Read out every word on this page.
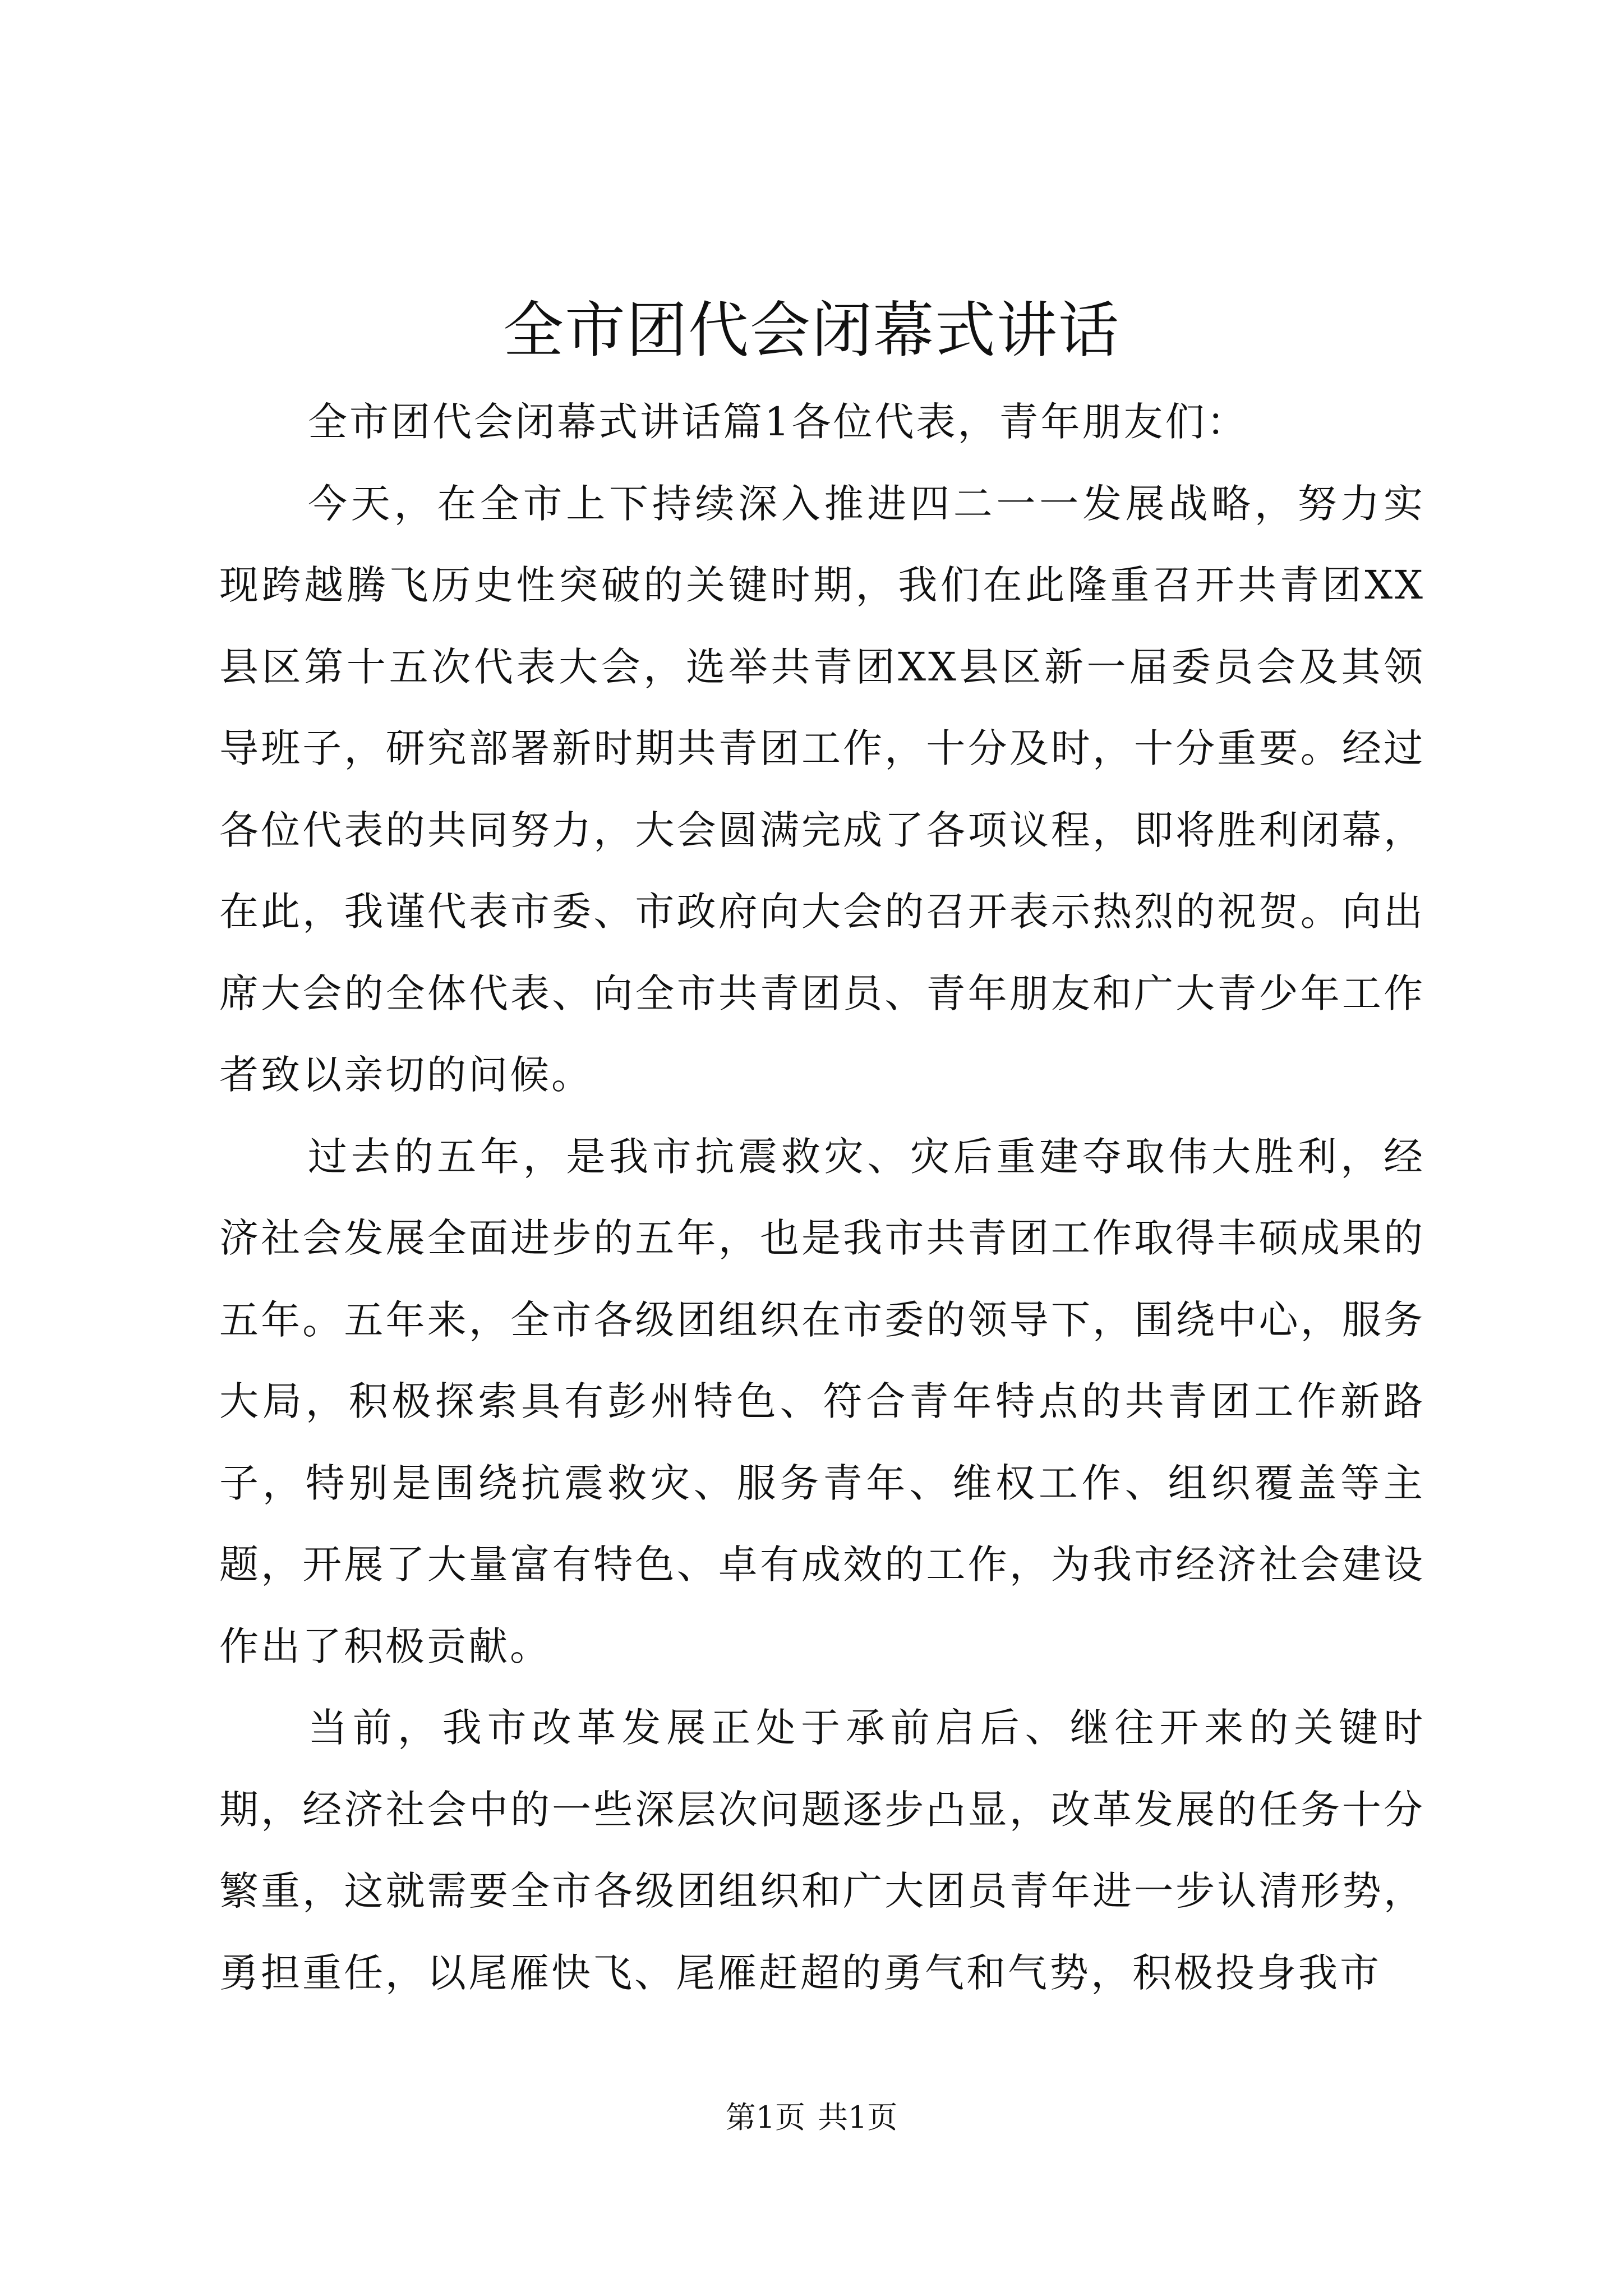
全市团代会闭幕式讲话

全市团代会闭幕式讲话篇1各位代表，青年朋友们：

今天，在全市上下持续深入推进四二一一发展战略，努力实现跨越腾飞历史性突破的关键时期，我们在此隆重召开共青团XX县区第十五次代表大会，选举共青团XX县区新一届委员会及其领导班子，研究部署新时期共青团工作，十分及时，十分重要。经过各位代表的共同努力，大会圆满完成了各项议程，即将胜利闭幕，在此，我谨代表市委、市政府向大会的召开表示热烈的祝贺。向出席大会的全体代表、向全市共青团员、青年朋友和广大青少年工作者致以亲切的问候。

过去的五年，是我市抗震救灾、灾后重建夺取伟大胜利，经济社会发展全面进步的五年，也是我市共青团工作取得丰硕成果的五年。五年来，全市各级团组织在市委的领导下，围绕中心，服务大局，积极探索具有彭州特色、符合青年特点的共青团工作新路子，特别是围绕抗震救灾、服务青年、维权工作、组织覆盖等主题，开展了大量富有特色、卓有成效的工作，为我市经济社会建设作出了积极贡献。

当前，我市改革发展正处于承前启后、继往开来的关键时期，经济社会中的一些深层次问题逐步凸显，改革发展的任务十分繁重，这就需要全市各级团组织和广大团员青年进一步认清形势，勇担重任，以尾雁快飞、尾雁赶超的勇气和气势，积极投身我市

第1页 共1页
